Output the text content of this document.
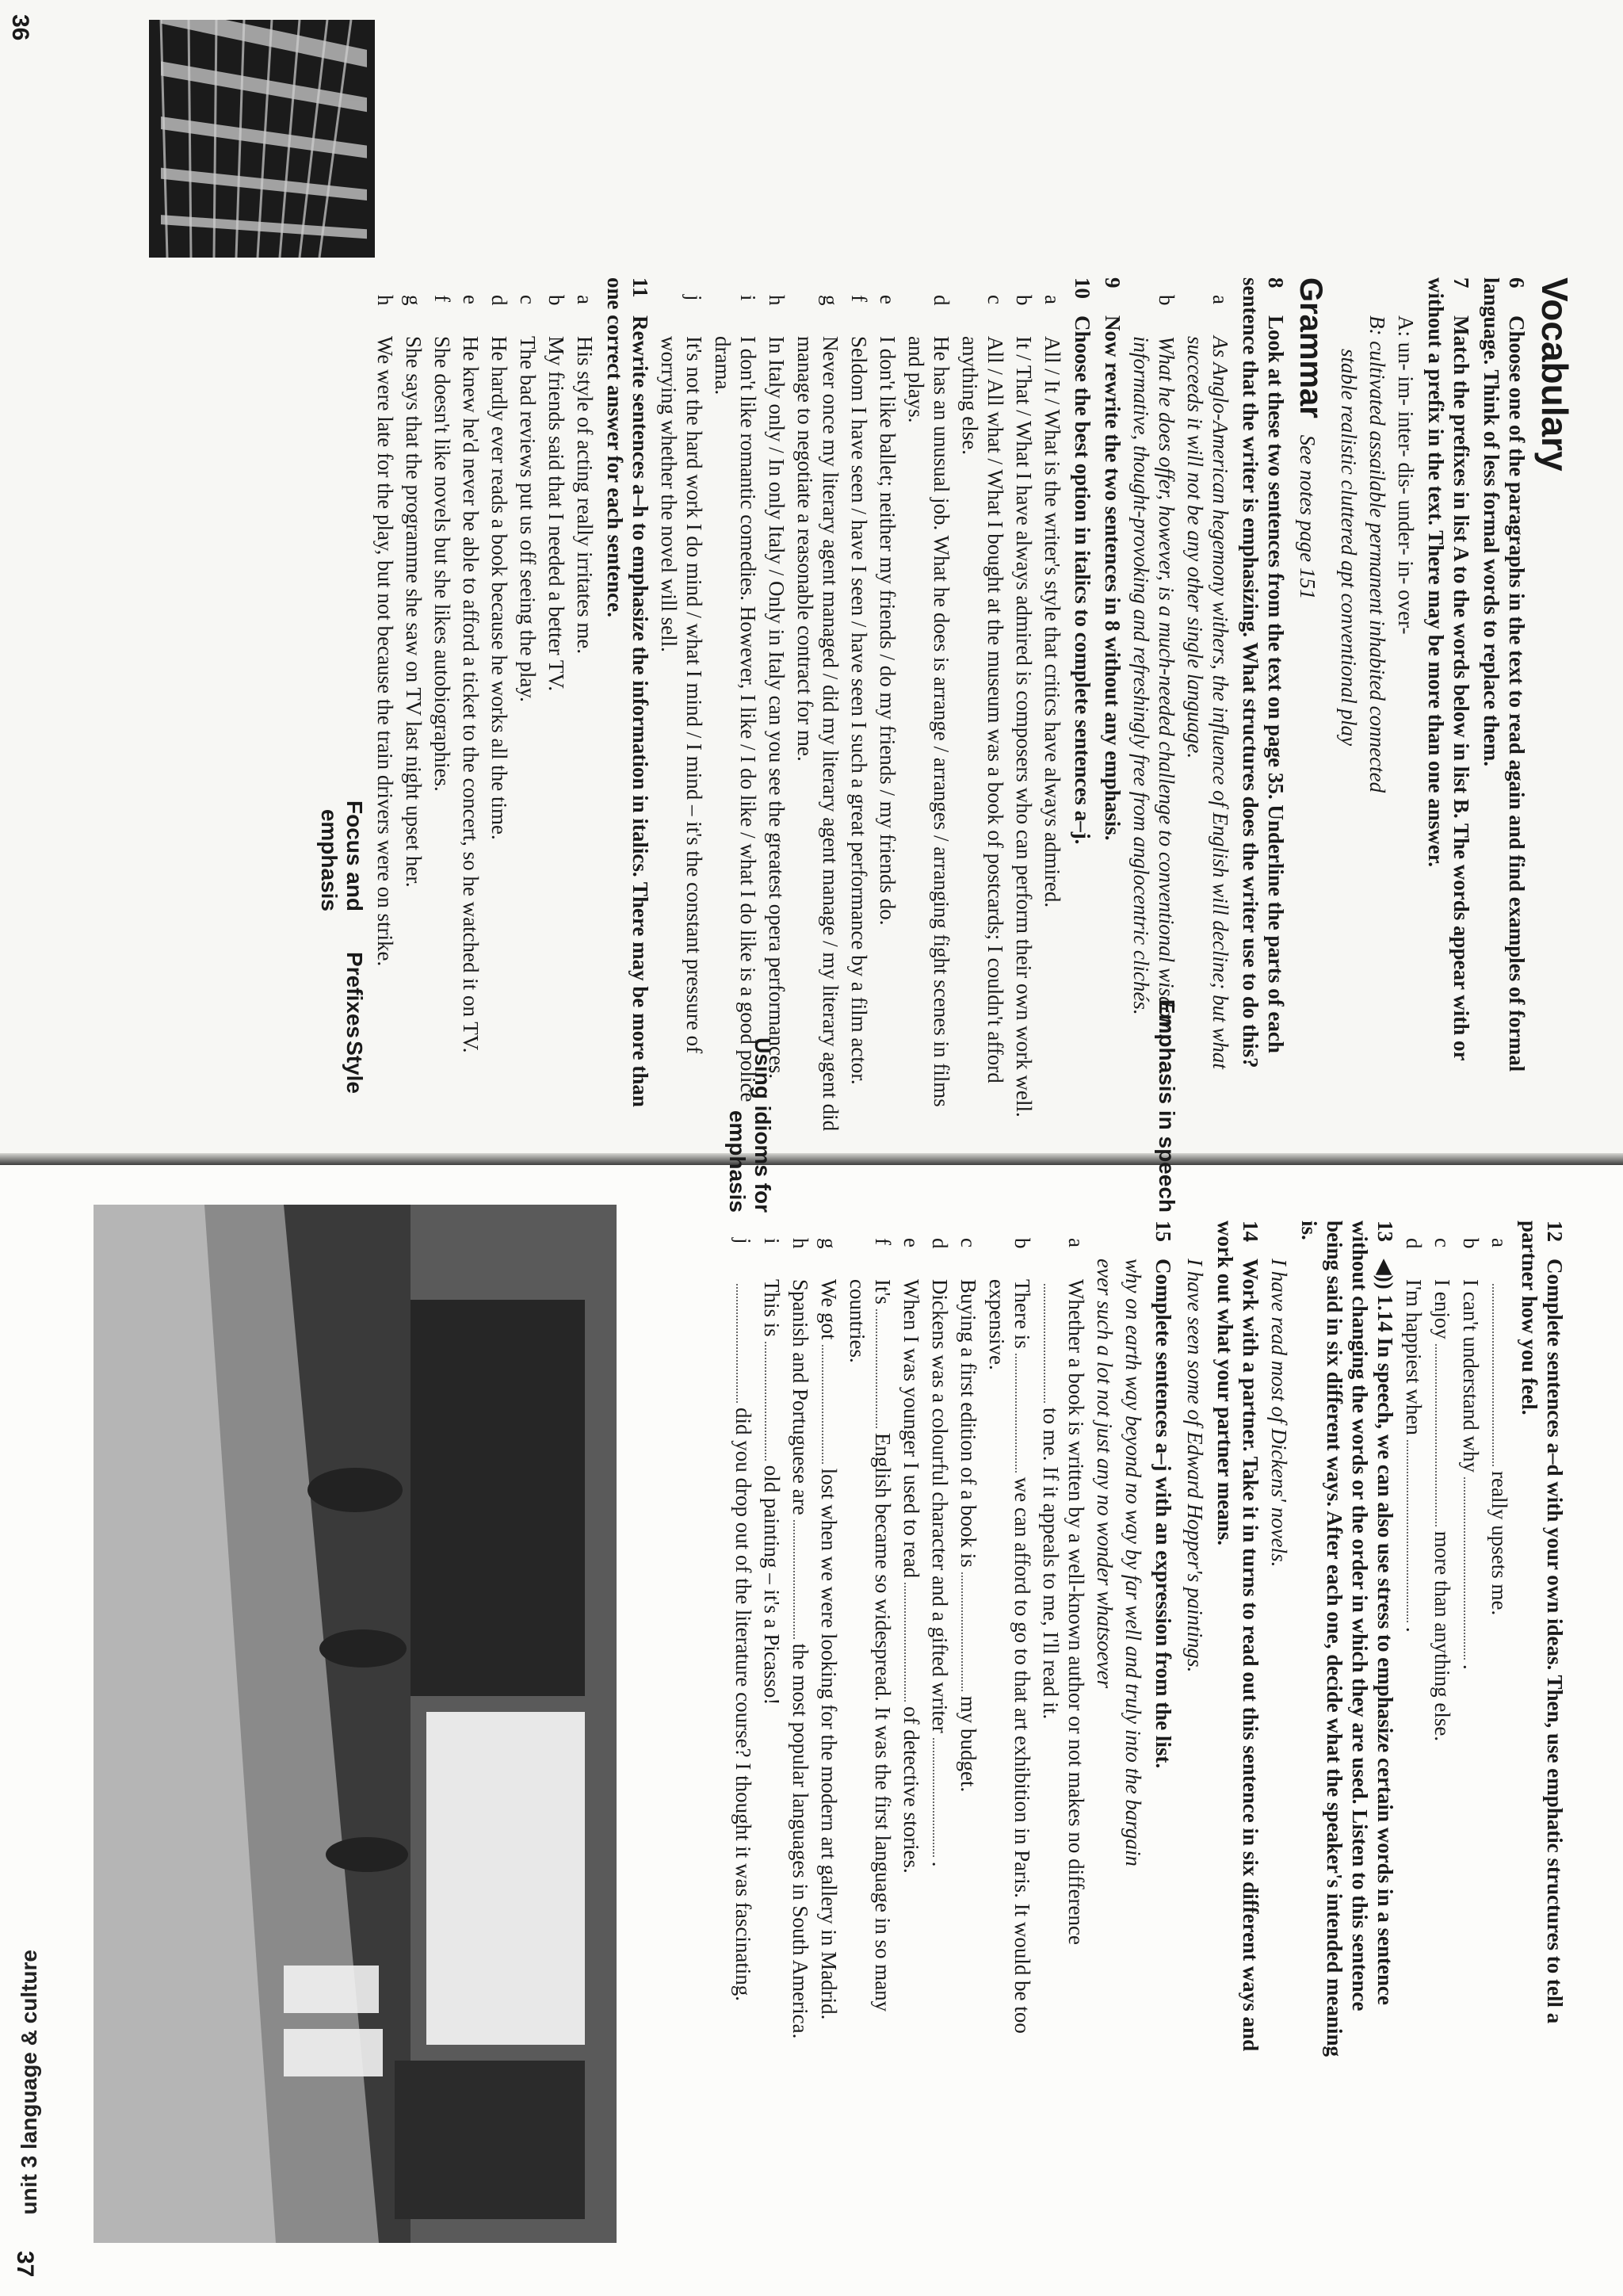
36
Style
Prefixes
Focus and emphasis
Vocabulary
6Choose one of the paragraphs in the text to read again and find examples of formal language. Think of less formal words to replace them.
7Match the prefixes in list A to the words below in list B. The words appear with or without a prefix in the text. There may be more than one answer.
A: un- im- inter- dis- under- in- over-
B: cultivated assailable permanent inhabited connected
stable realistic cluttered apt conventional play
Grammar See notes page 151
8Look at these two sentences from the text on page 35. Underline the parts of each sentence that the writer is emphasizing. What structures does the writer use to do this?
aAs Anglo-American hegemony withers, the influence of English will decline; but what succeeds it will not be any other single language.
bWhat he does offer, however, is a much-needed challenge to conventional wisdom: informative, thought-provoking and refreshingly free from anglocentric clichés.
9Now rewrite the two sentences in 8 without any emphasis.
10Choose the best option in italics to complete sentences a–j.
aAll / It / What is the writer's style that critics have always admired.
bIt / That / What I have always admired is composers who can perform their own work well.
cAll / All what / What I bought at the museum was a book of postcards; I couldn't afford anything else.
dHe has an unusual job. What he does is arrange / arranges / arranging fight scenes in films and plays.
eI don't like ballet; neither my friends / do my friends / my friends do.
fSeldom I have seen / have I seen / have seen I such a great performance by a film actor.
gNever once my literary agent managed / did my literary agent manage / my literary agent did manage to negotiate a reasonable contract for me.
hIn Italy only / In only Italy / Only in Italy can you see the greatest opera performances.
iI don't like romantic comedies. However, I like / I do like / what I do like is a good police drama.
jIt's not the hard work I do mind / what I mind / I mind – it's the constant pressure of worrying whether the novel will sell.
11Rewrite sentences a–h to emphasize the information in italics. There may be more than one correct answer for each sentence.
aHis style of acting really irritates me.
bMy friends said that I needed a better TV.
cThe bad reviews put us off seeing the play.
dHe hardly ever reads a book because he works all the time.
eHe knew he'd never be able to afford a ticket to the concert, so he watched it on TV.
fShe doesn't like novels but she likes autobiographies.
gShe says that the programme she saw on TV last night upset her.
hWe were late for the play, but not because the train drivers were on strike.
12Complete sentences a–d with your own ideas. Then, use emphatic structures to tell a partner how you feel.
areally upsets me.
bI can't understand why.
cI enjoymore than anything else.
dI'm happiest when.
13◀)) 1.14 In speech, we can also use stress to emphasize certain words in a sentence without changing the words or the order in which they are used. Listen to this sentence being said in six different ways. After each one, decide what the speaker's intended meaning is.
I have read most of Dickens' novels.
14Work with a partner. Take it in turns to read out this sentence in six different ways and work out what your partner means.
I have seen some of Edward Hopper's paintings.
15Complete sentences a–j with an expression from the list.
why on earth way beyond no way by far well and truly into the bargain
ever such a lot not just any no wonder whatsoever
aWhether a book is written by a well-known author or not makes no differenceto me. If it appeals to me, I'll read it.
bThere iswe can afford to go to that art exhibition in Paris. It would be too expensive.
cBuying a first edition of a book ismy budget.
dDickens was a colourful character and a gifted writer.
eWhen I was younger I used to readof detective stories.
fIt'sEnglish became so widespread. It was the first language in so many countries.
gWe gotlost when we were looking for the modern art gallery in Madrid.
hSpanish and Portuguese arethe most popular languages in South America.
iThis isold painting – it's a Picasso!
jdid you drop out of the literature course? I thought it was fascinating.
Emphasis in speech
Using idioms for emphasis
37
unit 3 language & culture
